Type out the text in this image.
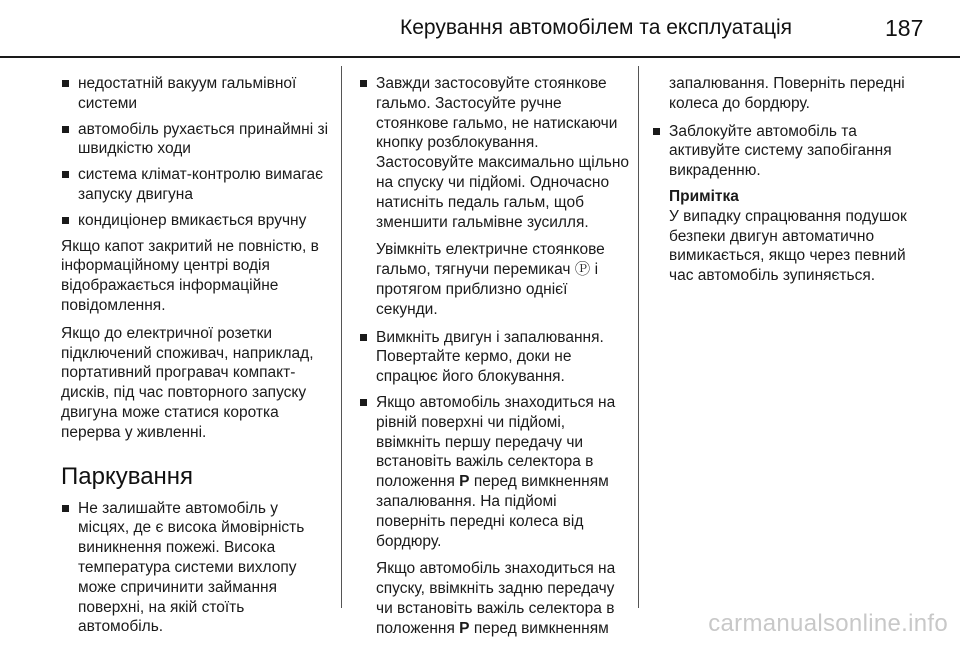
Керування автомобілем та експлуатація	187
недостатній вакуум гальмівної системи
автомобіль рухається принаймні зі швидкістю ходи
система клімат-контролю вимагає запуску двигуна
кондиціонер вмикається вручну

Якщо капот закритий не повністю, в інформаційному центрі водія відображається інформаційне повідомлення.

Якщо до електричної розетки підключений споживач, наприклад, портативний програвач компакт-дисків, під час повторного запуску двигуна може статися коротка перерва у живленні.

Паркування
Не залишайте автомобіль у місцях, де є висока ймовірність виникнення пожежі. Висока температура системи вихлопу може спричинити займання поверхні, на якій стоїть автомобіль.

Завжди застосовуйте стоянкове гальмо. Застосуйте ручне стоянкове гальмо, не натискаючи кнопку розблокування. Застосовуйте максимально щільно на спуску чи підйомі. Одночасно натисніть педаль гальм, щоб зменшити гальмівне зусилля.

Увімкніть електричне стоянкове гальмо, тягнучи перемикач Ⓟ і протягом приблизно однієї секунди.

Вимкніть двигун і запалювання. Повертайте кермо, доки не спрацює його блокування.

Якщо автомобіль знаходиться на рівній поверхні чи підйомі, ввімкніть першу передачу чи встановіть важіль селектора в положення P перед вимкненням запалювання. На підйомі поверніть передні колеса від бордюру.

Якщо автомобіль знаходиться на спуску, ввімкніть задню передачу чи встановіть важіль селектора в положення P перед вимкненням

запалювання. Поверніть передні колеса до бордюру.

Заблокуйте автомобіль та активуйте систему запобігання викраденню.
Примітка

У випадку спрацювання подушок безпеки двигун автоматично вимикається, якщо через певний час автомобіль зупиняється.

carmanualsonline.info
